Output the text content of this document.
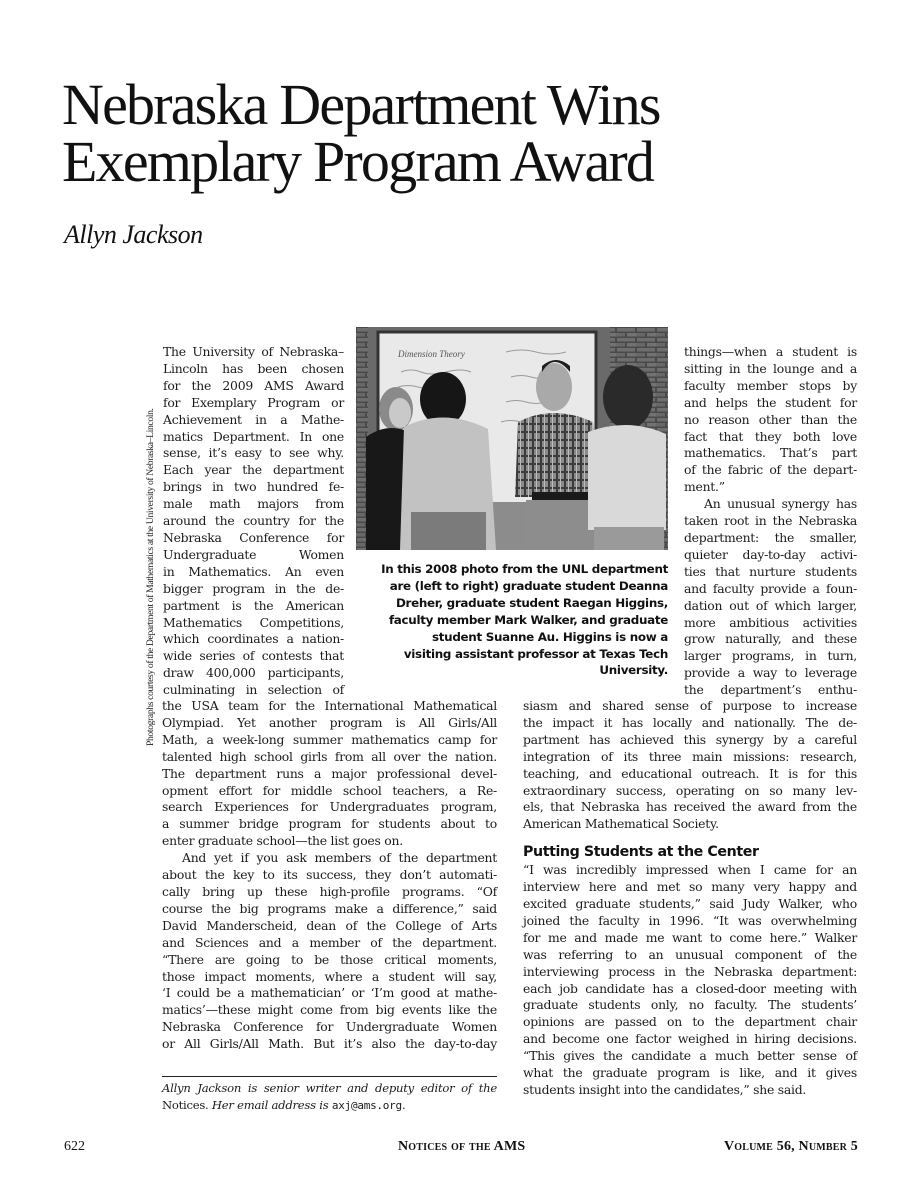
Nebraska Department Wins
Exemplary Program Award

Allyn Jackson

Photographs courtesy of the Department of Mathematics at the University of Nebraska–Lincoln.
The University of Nebraska–
Lincoln has been chosen
for the 2009 AMS Award
for Exemplary Program or
Achievement in a Mathe-
matics Department. In one
sense, it’s easy to see why.
Each year the department
brings in two hundred fe-
male math majors from
around the country for the
Nebraska Conference for
Undergraduate Women
in Mathematics. An even
bigger program in the de-
partment is the American
Mathematics Competitions,
which coordinates a nation-
wide series of contests that
draw 400,000 participants,
culminating in selection of
Dimension Theory
In this 2008 photo from the UNL department
are (left to right) graduate student Deanna
Dreher, graduate student Raegan Higgins,
faculty member Mark Walker, and graduate
student Suanne Au. Higgins is now a
visiting assistant professor at Texas Tech
University.
things—when a student is
sitting in the lounge and a
faculty member stops by
and helps the student for
no reason other than the
fact that they both love
mathematics. That’s part
of the fabric of the depart-
ment.”
An unusual synergy has
taken root in the Nebraska
department: the smaller,
quieter day-to-day activi-
ties that nurture students
and faculty provide a foun-
dation out of which larger,
more ambitious activities
grow naturally, and these
larger programs, in turn,
provide a way to leverage
the department’s enthu-
the USA team for the International Mathematical
Olympiad. Yet another program is All Girls/All
Math, a week-long summer mathematics camp for
talented high school girls from all over the nation.
The department runs a major professional devel-
opment effort for middle school teachers, a Re-
search Experiences for Undergraduates program,
a summer bridge program for students about to
enter graduate school—the list goes on.
And yet if you ask members of the department
about the key to its success, they don’t automati-
cally bring up these high-profile programs. “Of
course the big programs make a difference,” said
David Manderscheid, dean of the College of Arts
and Sciences and a member of the department.
“There are going to be those critical moments,
those impact moments, where a student will say,
‘I could be a mathematician’ or ‘I’m good at mathe-
matics’—these might come from big events like the
Nebraska Conference for Undergraduate Women
or All Girls/All Math. But it’s also the day-to-day
siasm and shared sense of purpose to increase
the impact it has locally and nationally. The de-
partment has achieved this synergy by a careful
integration of its three main missions: research,
teaching, and educational outreach. It is for this
extraordinary success, operating on so many lev-
els, that Nebraska has received the award from the
American Mathematical Society.
Putting Students at the Center
“I was incredibly impressed when I came for an
interview here and met so many very happy and
excited graduate students,” said Judy Walker, who
joined the faculty in 1996. “It was overwhelming
for me and made me want to come here.” Walker
was referring to an unusual component of the
interviewing process in the Nebraska department:
each job candidate has a closed-door meeting with
graduate students only, no faculty. The students’
opinions are passed on to the department chair
and become one factor weighed in hiring decisions.
“This gives the candidate a much better sense of
what the graduate program is like, and it gives
students insight into the candidates,” she said.
Allyn Jackson is senior writer and deputy editor of the
Notices. Her email address is axj@ams.org.
622	Notices of the AMS	Volume 56, Number 5
